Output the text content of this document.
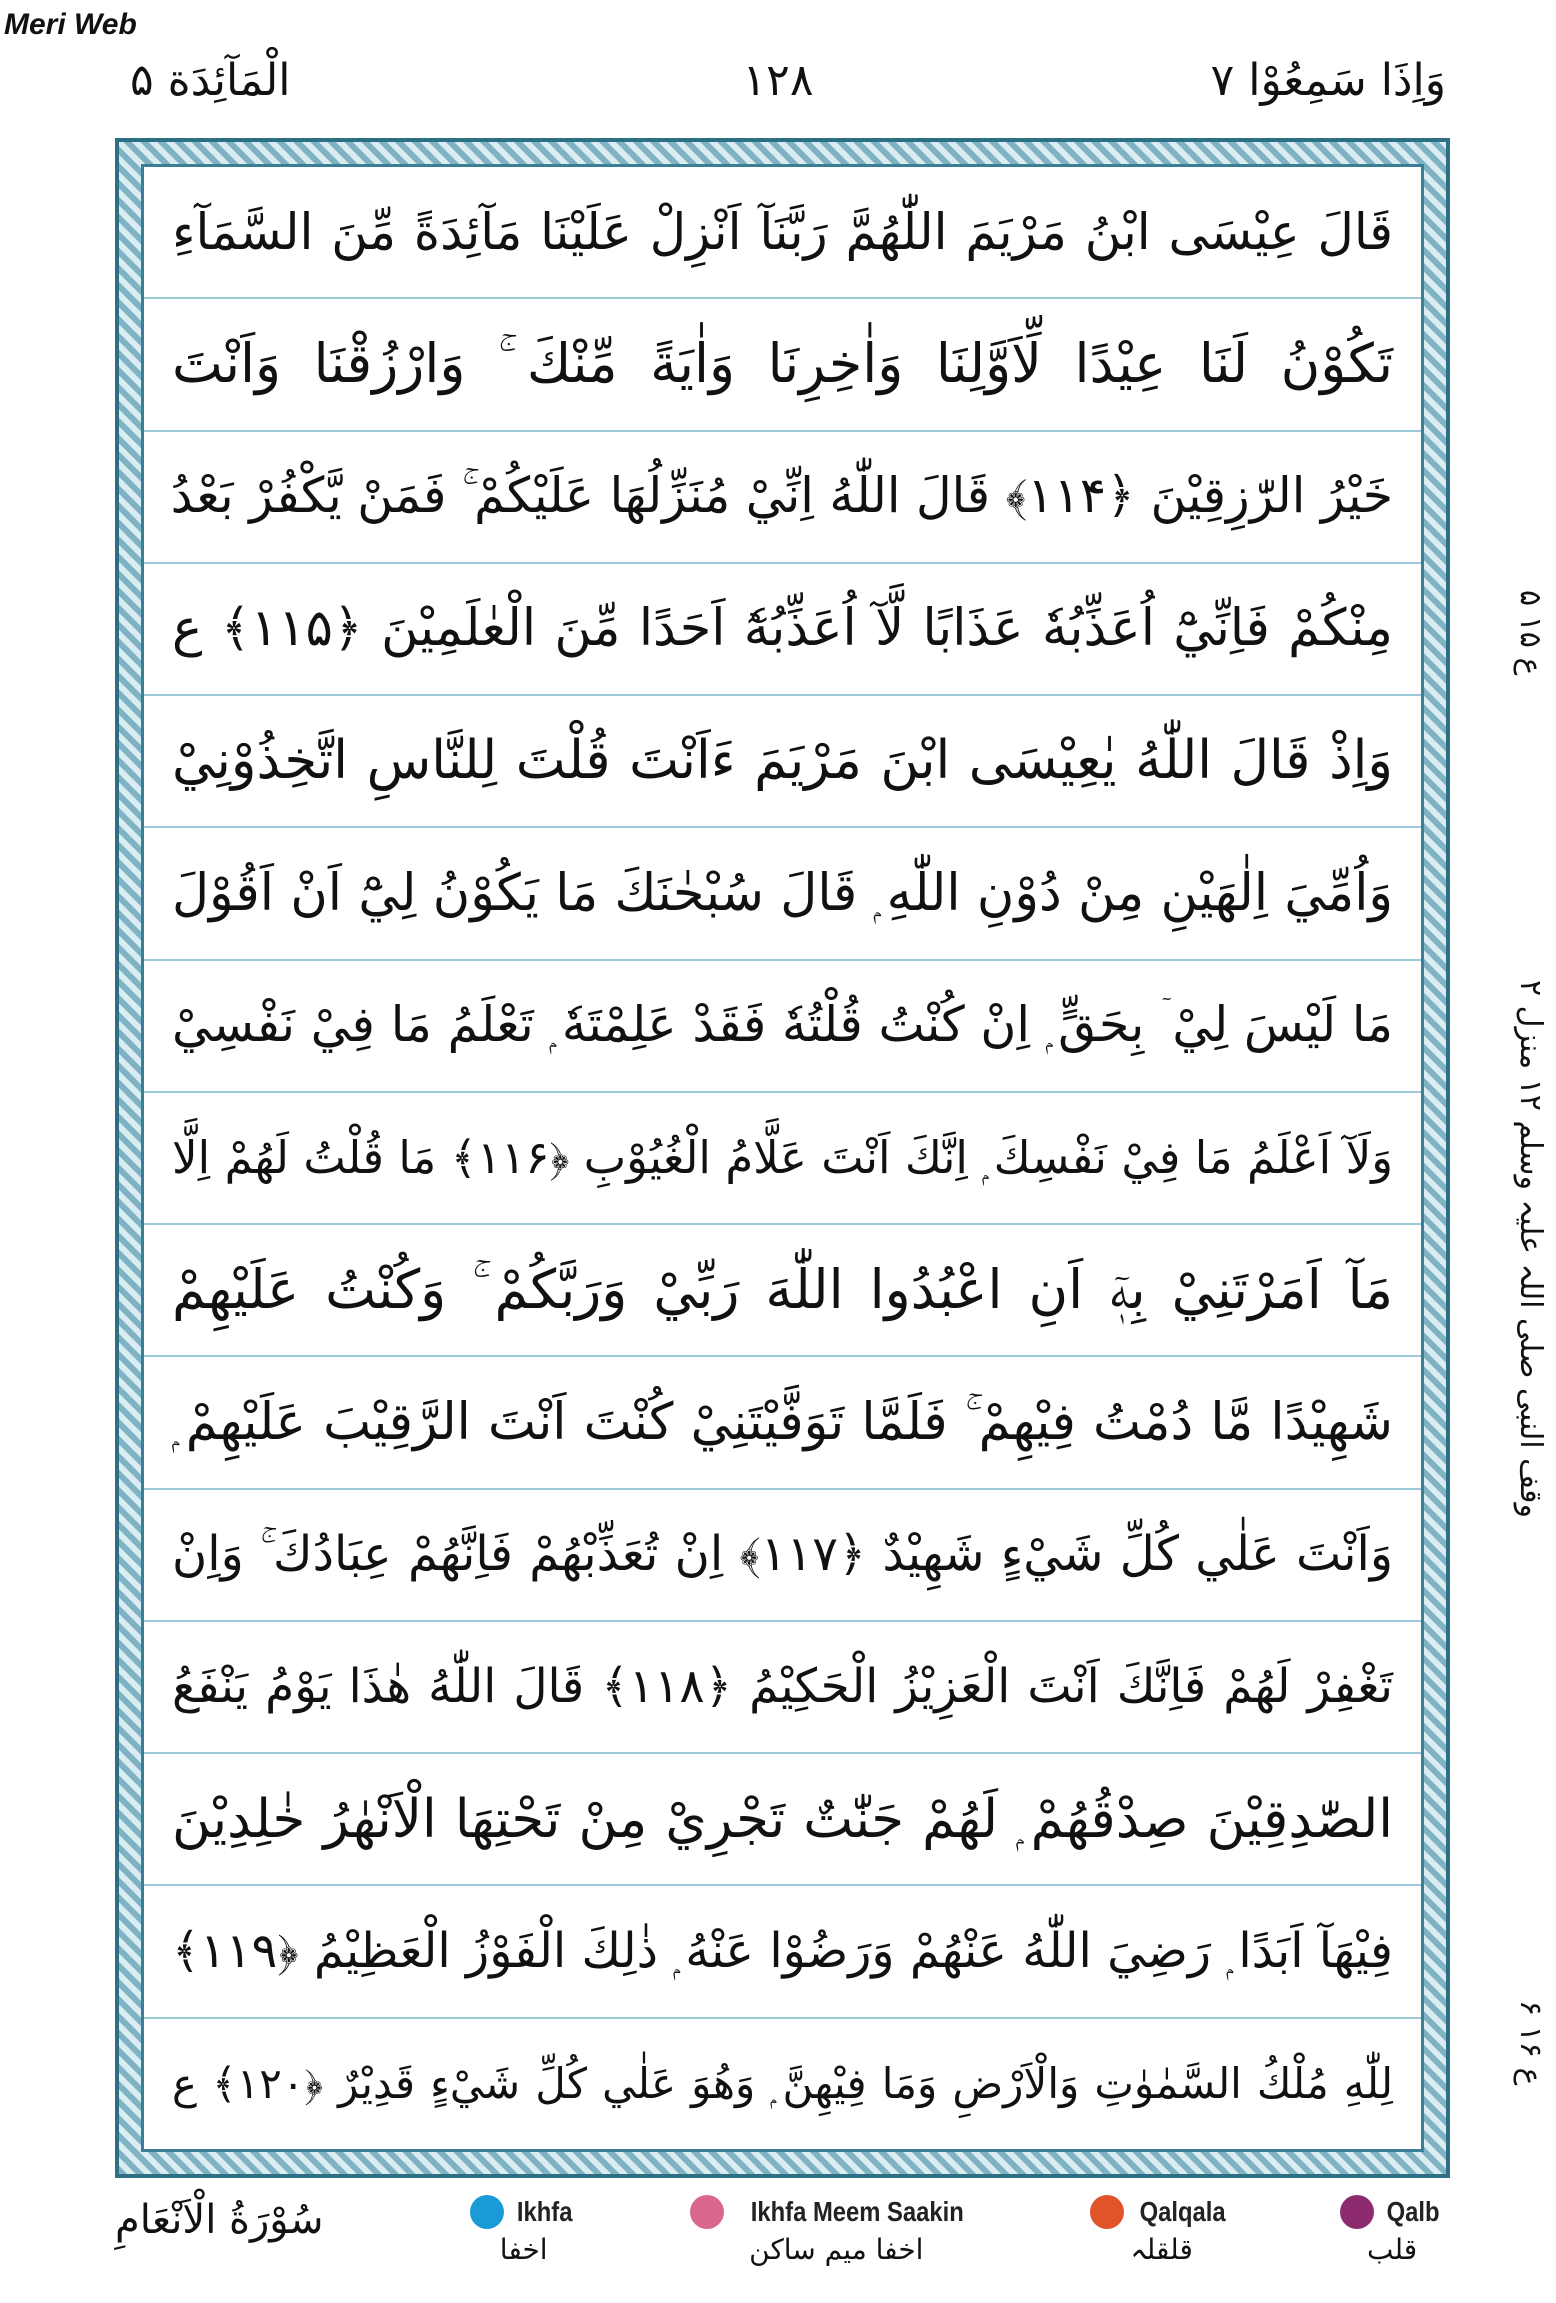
Meri Web
وَاِذَا سَمِعُوْا ۷
۱۲۸
الْمَآئِدَة ۵
قَالَ عِيْسَى ابْنُ مَرْيَمَ اللّٰهُمَّ رَبَّنَآ اَنْزِلْ عَلَيْنَا مَآئِدَةً مِّنَ السَّمَآءِ
تَكُوْنُ لَنَا عِيْدًا لِّاَوَّلِنَا وَاٰخِرِنَا وَاٰيَةً مِّنْكَ ۚ وَارْزُقْنَا وَاَنْتَ
خَيْرُ الرّٰزِقِيْنَ ﴿۱۱۴﴾ قَالَ اللّٰهُ اِنِّيْ مُنَزِّلُهَا عَلَيْكُمْ ۚ فَمَنْ يَّكْفُرْ بَعْدُ
مِنْكُمْ فَاِنِّيْٓ اُعَذِّبُهٗ عَذَابًا لَّآ اُعَذِّبُهٗٓ اَحَدًا مِّنَ الْعٰلَمِيْنَ ﴿۱۱۵﴾ ع
وَاِذْ قَالَ اللّٰهُ يٰعِيْسَى ابْنَ مَرْيَمَ ءَاَنْتَ قُلْتَ لِلنَّاسِ اتَّخِذُوْنِيْ
وَاُمِّيَ اِلٰهَيْنِ مِنْ دُوْنِ اللّٰهِ ۭ قَالَ سُبْحٰنَكَ مَا يَكُوْنُ لِيْٓ اَنْ اَقُوْلَ
مَا لَيْسَ لِيْ ۤ بِحَقٍّ ۭ اِنْ كُنْتُ قُلْتُهٗ فَقَدْ عَلِمْتَهٗ ۭ تَعْلَمُ مَا فِيْ نَفْسِيْ
وَلَآ اَعْلَمُ مَا فِيْ نَفْسِكَ ۭ اِنَّكَ اَنْتَ عَلَّامُ الْغُيُوْبِ ﴿۱۱۶﴾ مَا قُلْتُ لَهُمْ اِلَّا
مَآ اَمَرْتَنِيْ بِهٖٓ اَنِ اعْبُدُوا اللّٰهَ رَبِّيْ وَرَبَّكُمْ ۚ وَكُنْتُ عَلَيْهِمْ
شَهِيْدًا مَّا دُمْتُ فِيْهِمْ ۚ فَلَمَّا تَوَفَّيْتَنِيْ كُنْتَ اَنْتَ الرَّقِيْبَ عَلَيْهِمْ ۭ
وَاَنْتَ عَلٰي كُلِّ شَيْءٍ شَهِيْدٌ ﴿۱۱۷﴾ اِنْ تُعَذِّبْهُمْ فَاِنَّهُمْ عِبَادُكَ ۚ وَاِنْ
تَغْفِرْ لَهُمْ فَاِنَّكَ اَنْتَ الْعَزِيْزُ الْحَكِيْمُ ﴿۱۱۸﴾ قَالَ اللّٰهُ هٰذَا يَوْمُ يَنْفَعُ
الصّٰدِقِيْنَ صِدْقُهُمْ ۭ لَهُمْ جَنّٰتٌ تَجْرِيْ مِنْ تَحْتِهَا الْاَنْهٰرُ خٰلِدِيْنَ
فِيْهَآ اَبَدًا ۭ رَضِيَ اللّٰهُ عَنْهُمْ وَرَضُوْا عَنْهُ ۭ ذٰلِكَ الْفَوْزُ الْعَظِيْمُ ﴿۱۱۹﴾
لِلّٰهِ مُلْكُ السَّمٰوٰتِ وَالْاَرْضِ وَمَا فِيْهِنَّ ۭ وَهُوَ عَلٰي كُلِّ شَيْءٍ قَدِيْرٌ ﴿۱۲۰﴾ ع
ع ۱۵ ۵
وقف النبی صلی اللہ علیہ وسلم ۱۲ منزل ۲
ع ۱۶ ۶
سُوْرَةُ الْاَنْعَامِ	Ikhfa
اخفا
Ikhfa Meem Saakin
اخفا میم ساکن
Qalqala
قلقلہ
Qalb
قلب
